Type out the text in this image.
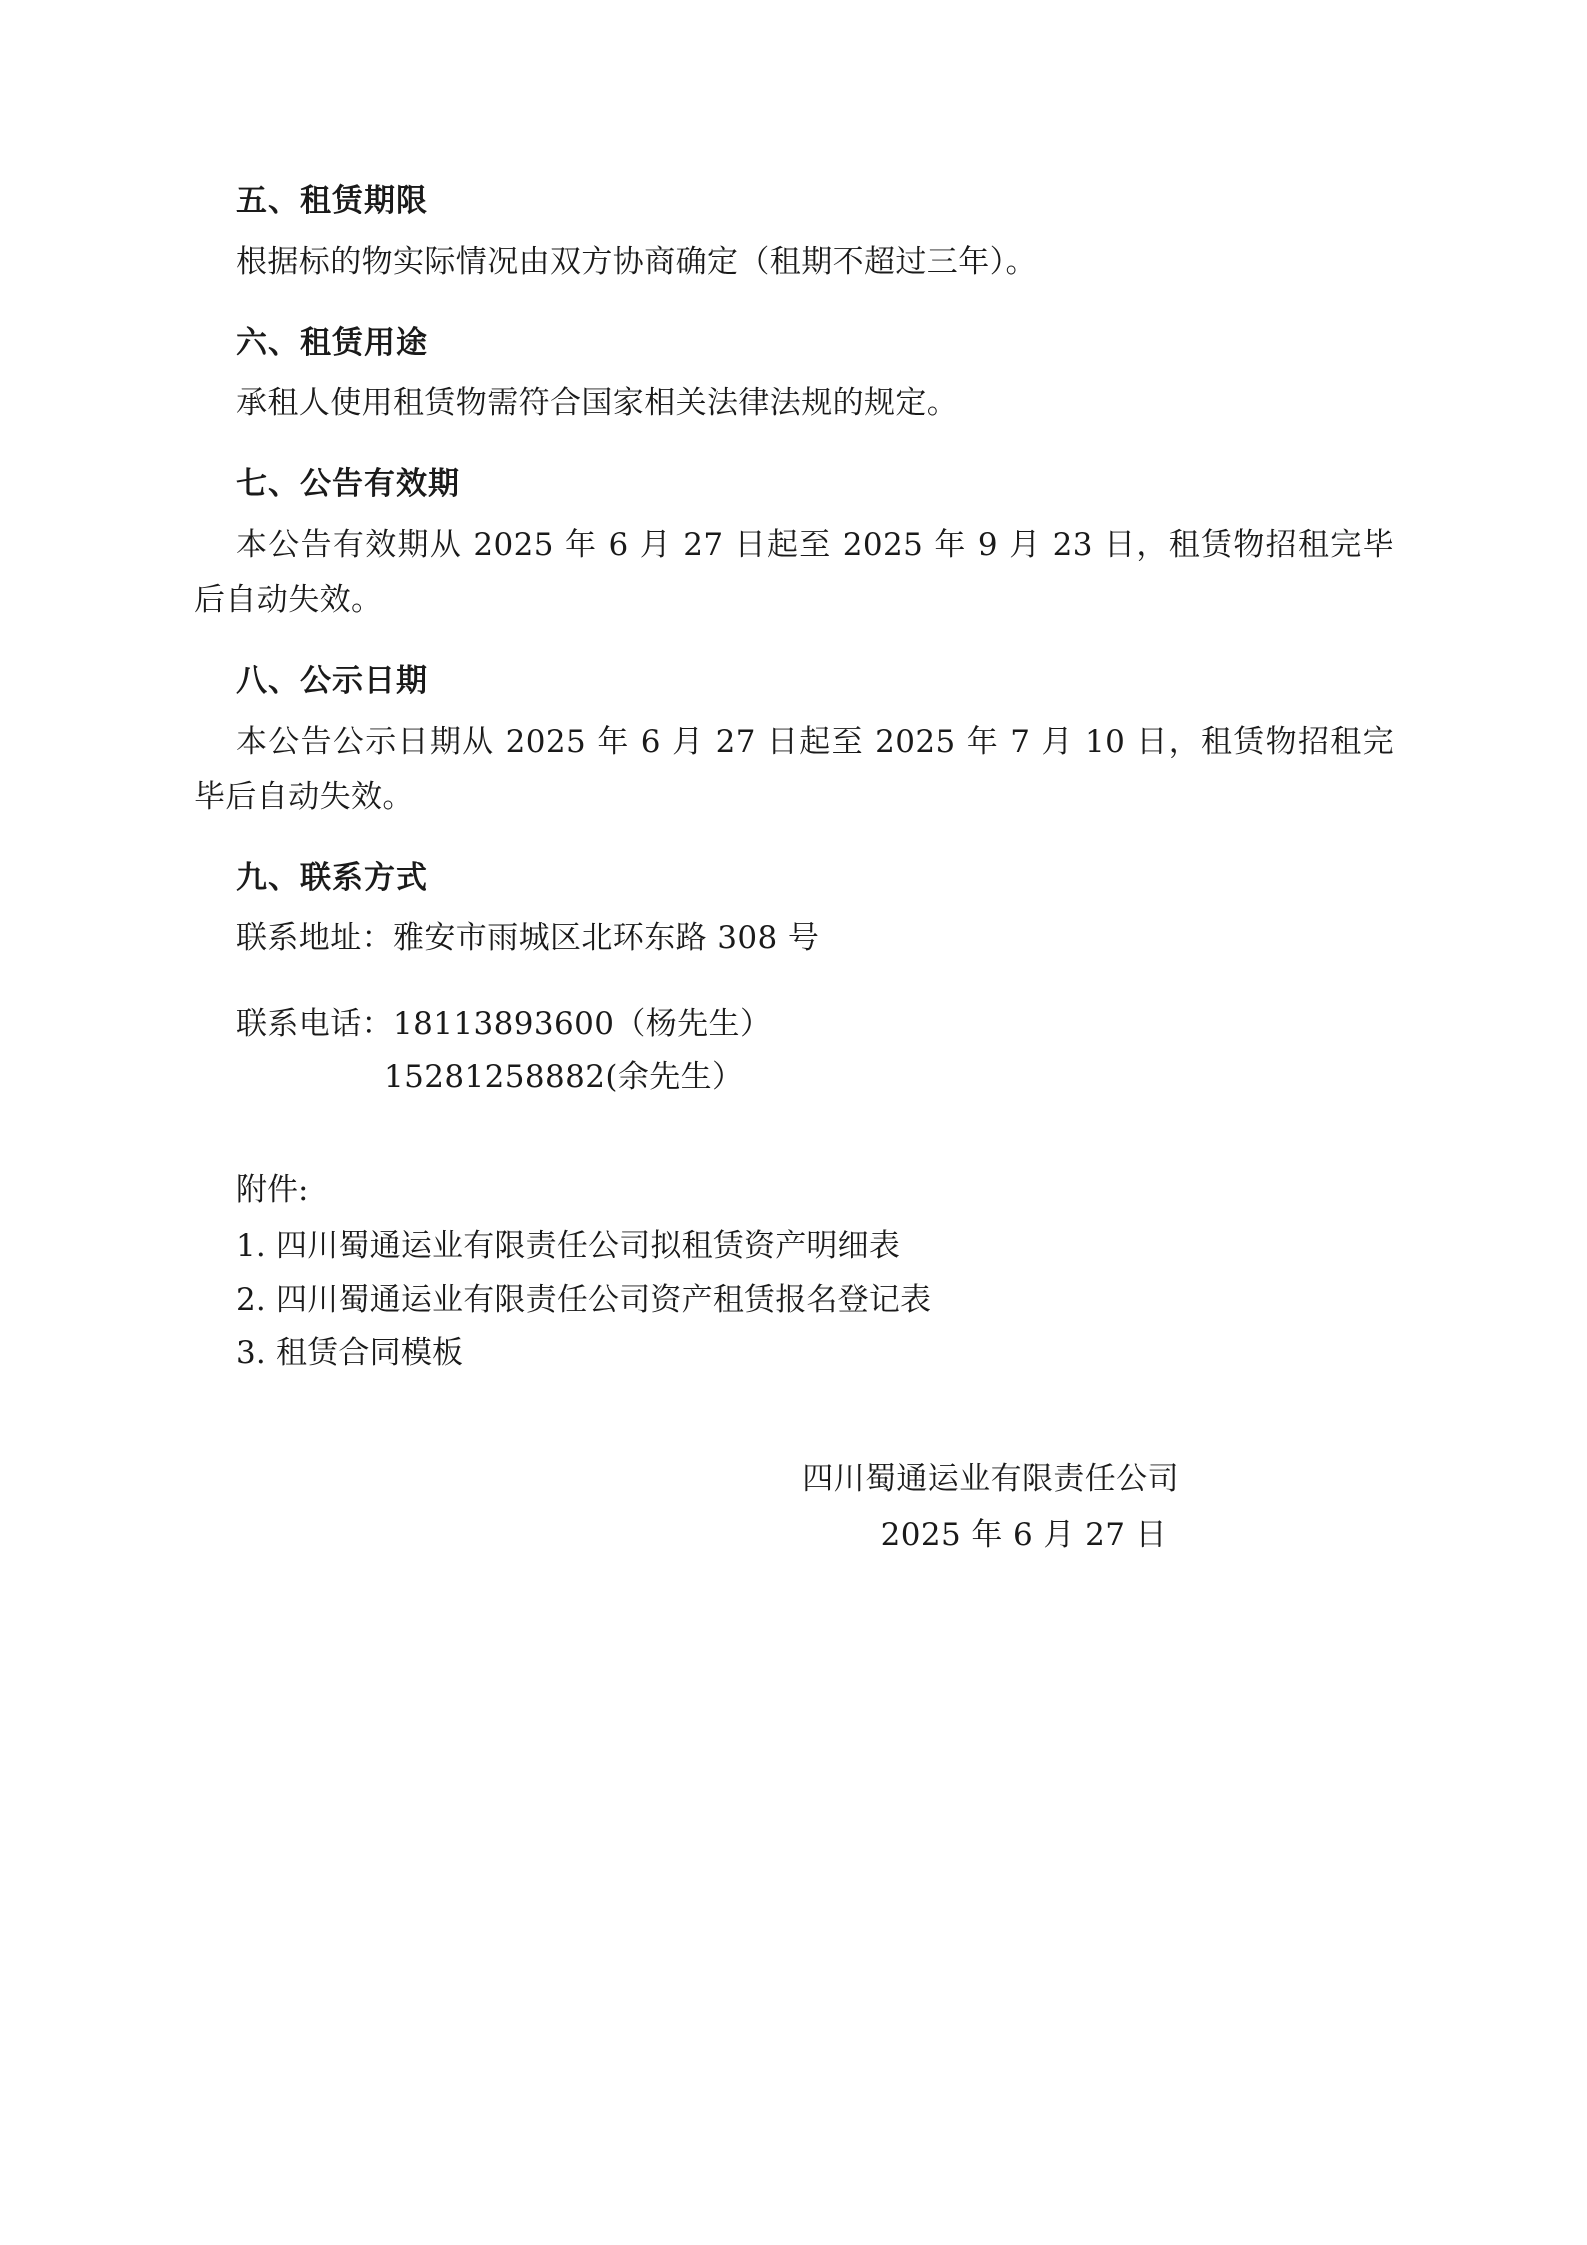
五、租赁期限

根据标的物实际情况由双方协商确定（租期不超过三年）。

六、租赁用途

承租人使用租赁物需符合国家相关法律法规的规定。

七、公告有效期

本公告有效期从 2025 年 6 月 27 日起至 2025 年 9 月 23 日，租赁物招租完毕后自动失效。

八、公示日期

本公告公示日期从 2025 年 6 月 27 日起至 2025 年 7 月 10 日，租赁物招租完毕后自动失效。

九、联系方式

联系地址：雅安市雨城区北环东路 308 号

联系电话：18113893600（杨先生）

15281258882(余先生）

附件:

1. 四川蜀通运业有限责任公司拟租赁资产明细表

2. 四川蜀通运业有限责任公司资产租赁报名登记表

3. 租赁合同模板

四川蜀通运业有限责任公司
2025 年 6 月 27 日
